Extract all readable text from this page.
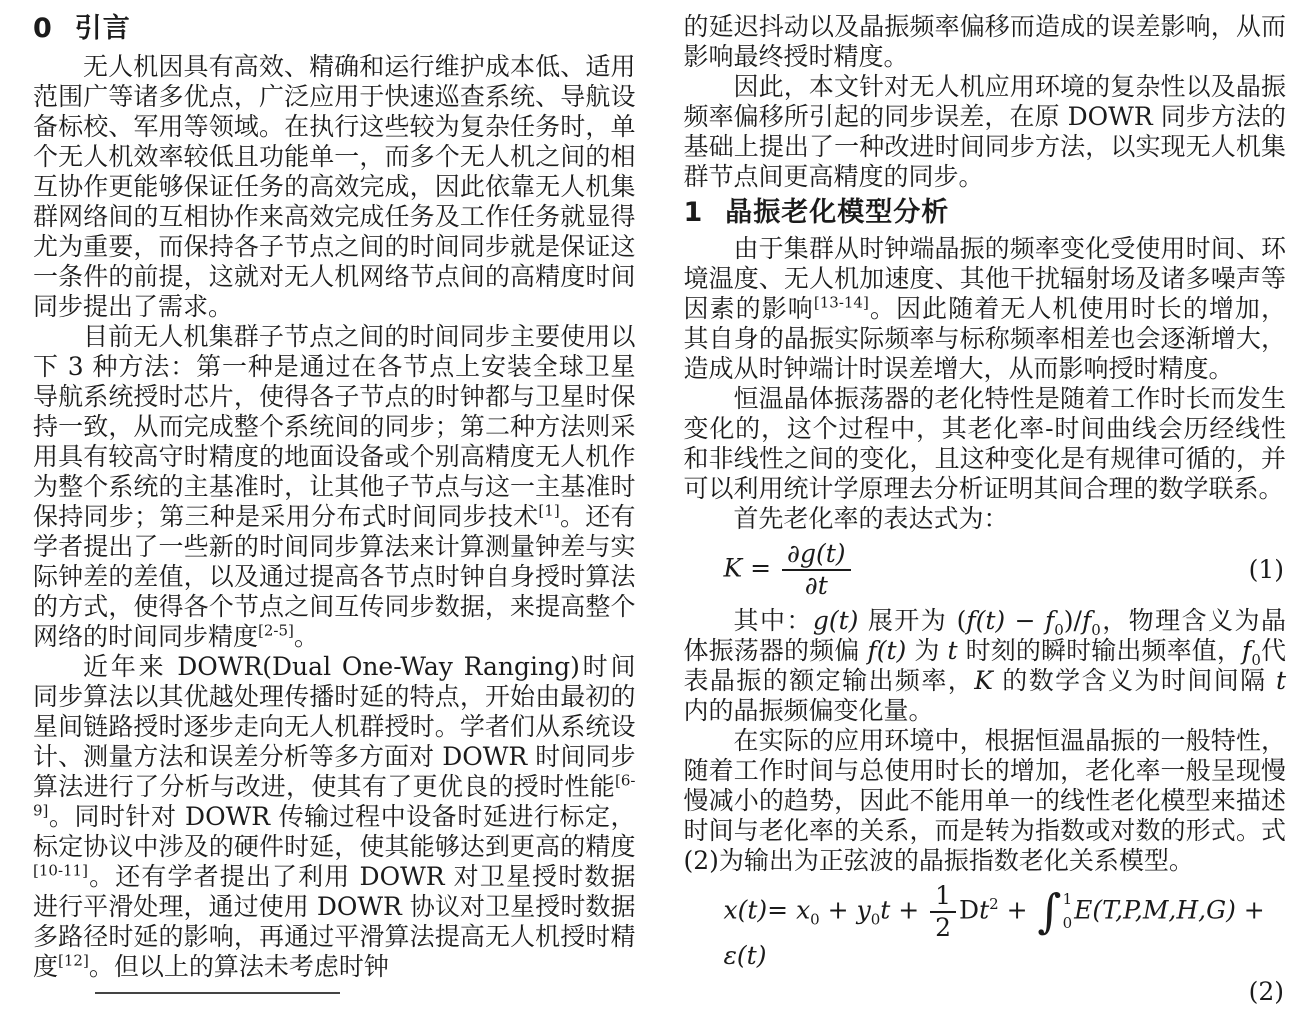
0 引言

无人机因具有高效、精确和运行维护成本低、适用范围广等诸多优点，广泛应用于快速巡查系统、导航设备标校、军用等领域。在执行这些较为复杂任务时，单个无人机效率较低且功能单一，而多个无人机之间的相互协作更能够保证任务的高效完成，因此依靠无人机集群网络间的互相协作来高效完成任务及工作任务就显得尤为重要，而保持各子节点之间的时间同步就是保证这一条件的前提，这就对无人机网络节点间的高精度时间同步提出了需求。

目前无人机集群子节点之间的时间同步主要使用以下 3 种方法：第一种是通过在各节点上安装全球卫星导航系统授时芯片，使得各子节点的时钟都与卫星时保持一致，从而完成整个系统间的同步；第二种方法则采用具有较高守时精度的地面设备或个别高精度无人机作为整个系统的主基准时，让其他子节点与这一主基准时保持同步；第三种是采用分布式时间同步技术[1]。还有学者提出了一些新的时间同步算法来计算测量钟差与实际钟差的差值，以及通过提高各节点时钟自身授时算法的方式，使得各个节点之间互传同步数据，来提高整个网络的时间同步精度[2-5]。

近年来 DOWR(Dual One-Way Ranging)时间同步算法以其优越处理传播时延的特点，开始由最初的星间链路授时逐步走向无人机群授时。学者们从系统设计、测量方法和误差分析等多方面对 DOWR 时间同步算法进行了分析与改进，使其有了更优良的授时性能[6-9]。同时针对 DOWR 传输过程中设备时延进行标定，标定协议中涉及的硬件时延，使其能够达到更高的精度[10-11]。还有学者提出了利用 DOWR 对卫星授时数据进行平滑处理，通过使用 DOWR 协议对卫星授时数据多路径时延的影响，再通过平滑算法提高无人机授时精度[12]。但以上的算法未考虑时钟

的延迟抖动以及晶振频率偏移而造成的误差影响，从而影响最终授时精度。

因此，本文针对无人机应用环境的复杂性以及晶振频率偏移所引起的同步误差，在原 DOWR 同步方法的基础上提出了一种改进时间同步方法，以实现无人机集群节点间更高精度的同步。

1 晶振老化模型分析

由于集群从时钟端晶振的频率变化受使用时间、环境温度、无人机加速度、其他干扰辐射场及诸多噪声等因素的影响[13-14]。因此随着无人机使用时长的增加，其自身的晶振实际频率与标称频率相差也会逐渐增大，造成从时钟端计时误差增大，从而影响授时精度。

恒温晶体振荡器的老化特性是随着工作时长而发生变化的，这个过程中，其老化率-时间曲线会历经线性和非线性之间的变化，且这种变化是有规律可循的，并可以利用统计学原理去分析证明其间合理的数学联系。

首先老化率的表达式为：

$K = \frac{\partial g(t)}{\partial t}$	(1)

其中：g(t) 展开为 $(f(t) - f_0)/f_0$，物理含义为晶体振荡器的频偏 f(t) 为 t 时刻的瞬时输出频率值，$f_0$代表晶振的额定输出频率，K 的数学含义为时间间隔 t 内的晶振频偏变化量。

在实际的应用环境中，根据恒温晶振的一般特性，随着工作时间与总使用时长的增加，老化率一般呈现慢慢减小的趋势，因此不能用单一的线性老化模型来描述时间与老化率的关系，而是转为指数或对数的形式。式(2)为输出为正弦波的晶振指数老化关系模型。

$x(t)= x_0 + y_0t + \frac{1}{2} Dt^2$ + ∫ 1
0 E(T,P,M,H,G) + ε(t)
(2)
